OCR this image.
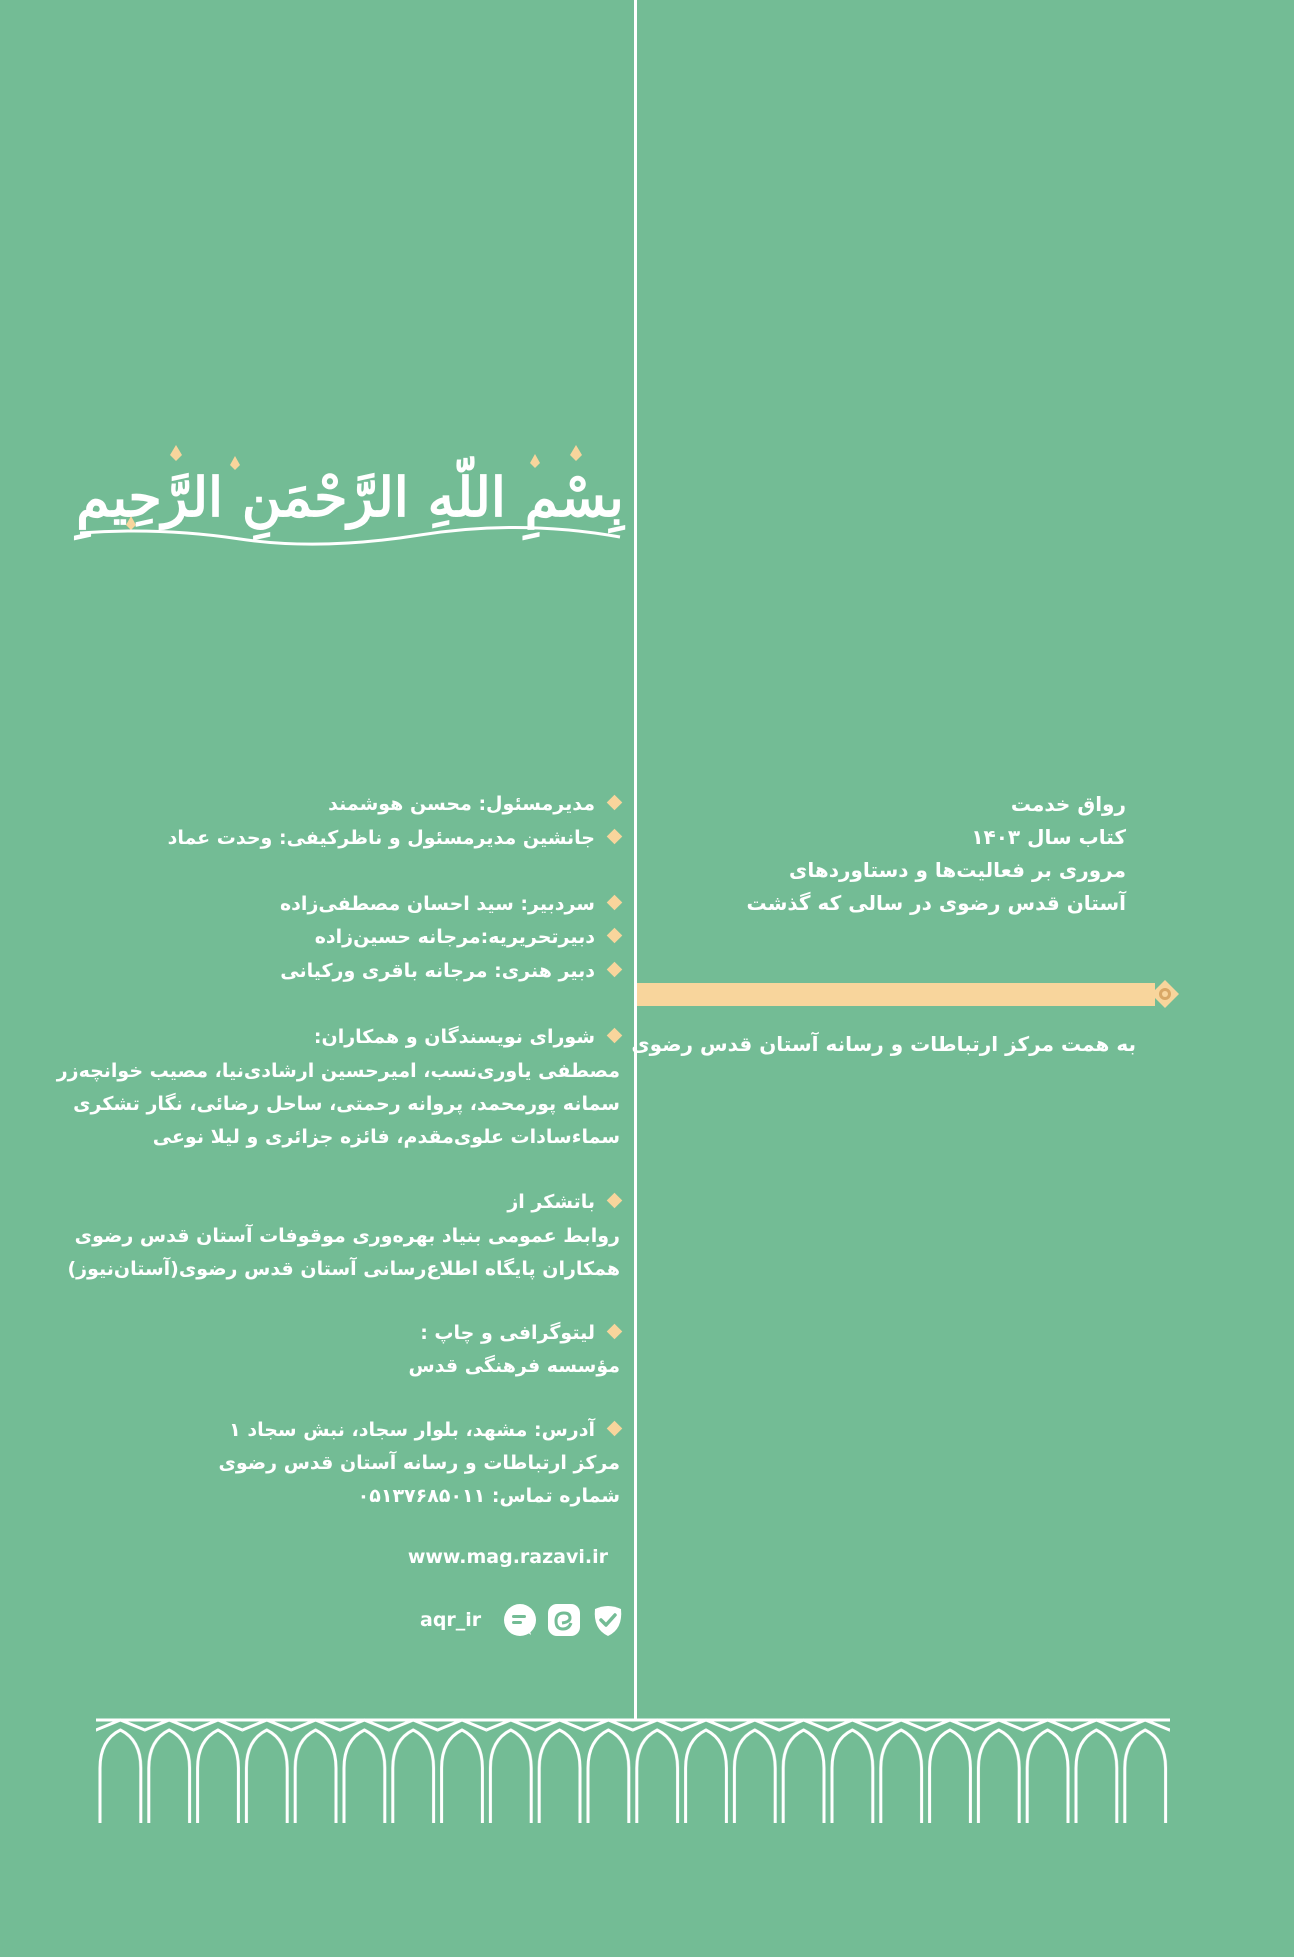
بِسْمِ اللّهِ الرَّحْمَنِ الرَّحِيمِ
رواق خدمت
کتاب سال ۱۴۰۳
مروری بر فعالیت‌ها و دستاوردهای
آستان قدس رضوی در سالی که گذشت
به همت مرکز ارتباطات و رسانه آستان قدس رضوی
مدیرمسئول: محسن هوشمند
جانشین مدیرمسئول و ناظرکیفی: وحدت عماد
سردبیر: سید احسان مصطفی‌زاده
دبیرتحریریه:مرجانه حسین‌زاده
دبیر هنری: مرجانه باقری ورکیانی
شورای نویسندگان و همکاران:
مصطفی یاوری‌نسب، امیرحسین ارشادی‌نیا، مصیب خوانچه‌زر
سمانه پورمحمد، پروانه رحمتی، ساحل رضائی، نگار تشکری
سماءسادات علوی‌مقدم، فائزه جزائری و لیلا نوعی
باتشکر از
روابط عمومی بنیاد بهره‌وری موقوفات آستان قدس رضوی
همکاران پایگاه اطلاع‌رسانی آستان قدس رضوی(آستان‌نیوز)
لیتوگرافی و چاپ :
مؤسسه فرهنگی قدس
آدرس: مشهد، بلوار سجاد، نبش سجاد ۱
مرکز ارتباطات و رسانه آستان قدس رضوی
شماره تماس: ۰۵۱۳۷۶۸۵۰۱۱
www.mag.razavi.ir
aqr_ir
